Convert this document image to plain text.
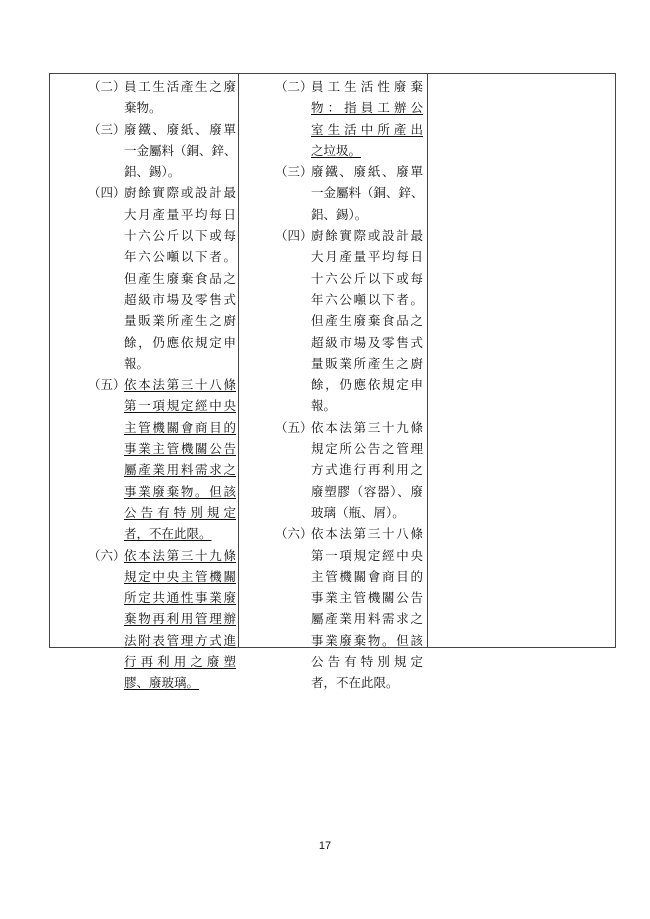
（二）
員工生活產生之廢
棄物。
（三）
廢鐵、廢紙、廢單
一金屬料（銅、鋅、
鋁、錫）。
（四）
廚餘實際或設計最
大月產量平均每日
十六公斤以下或每
年六公噸以下者。
但產生廢棄食品之
超級市場及零售式
量販業所產生之廚
餘，仍應依規定申
報。
（五）
依本法第三十八條
第一項規定經中央
主管機關會商目的
事業主管機關公告
屬產業用料需求之
事業廢棄物。但該
公告有特別規定
者，不在此限。
（六）
依本法第三十九條
規定中央主管機關
所定共通性事業廢
棄物再利用管理辦
法附表管理方式進
行再利用之廢塑
膠、廢玻璃。
（二）
員工生活性廢棄
物：指員工辦公
室生活中所產出
之垃圾。
（三）
廢鐵、廢紙、廢單
一金屬料（銅、鋅、
鋁、錫）。
（四）
廚餘實際或設計最
大月產量平均每日
十六公斤以下或每
年六公噸以下者。
但產生廢棄食品之
超級市場及零售式
量販業所產生之廚
餘，仍應依規定申
報。
（五）
依本法第三十九條
規定所公告之管理
方式進行再利用之
廢塑膠（容器）、廢
玻璃（瓶、屑）。
（六）
依本法第三十八條
第一項規定經中央
主管機關會商目的
事業主管機關公告
屬產業用料需求之
事業廢棄物。但該
公告有特別規定
者，不在此限。
17
